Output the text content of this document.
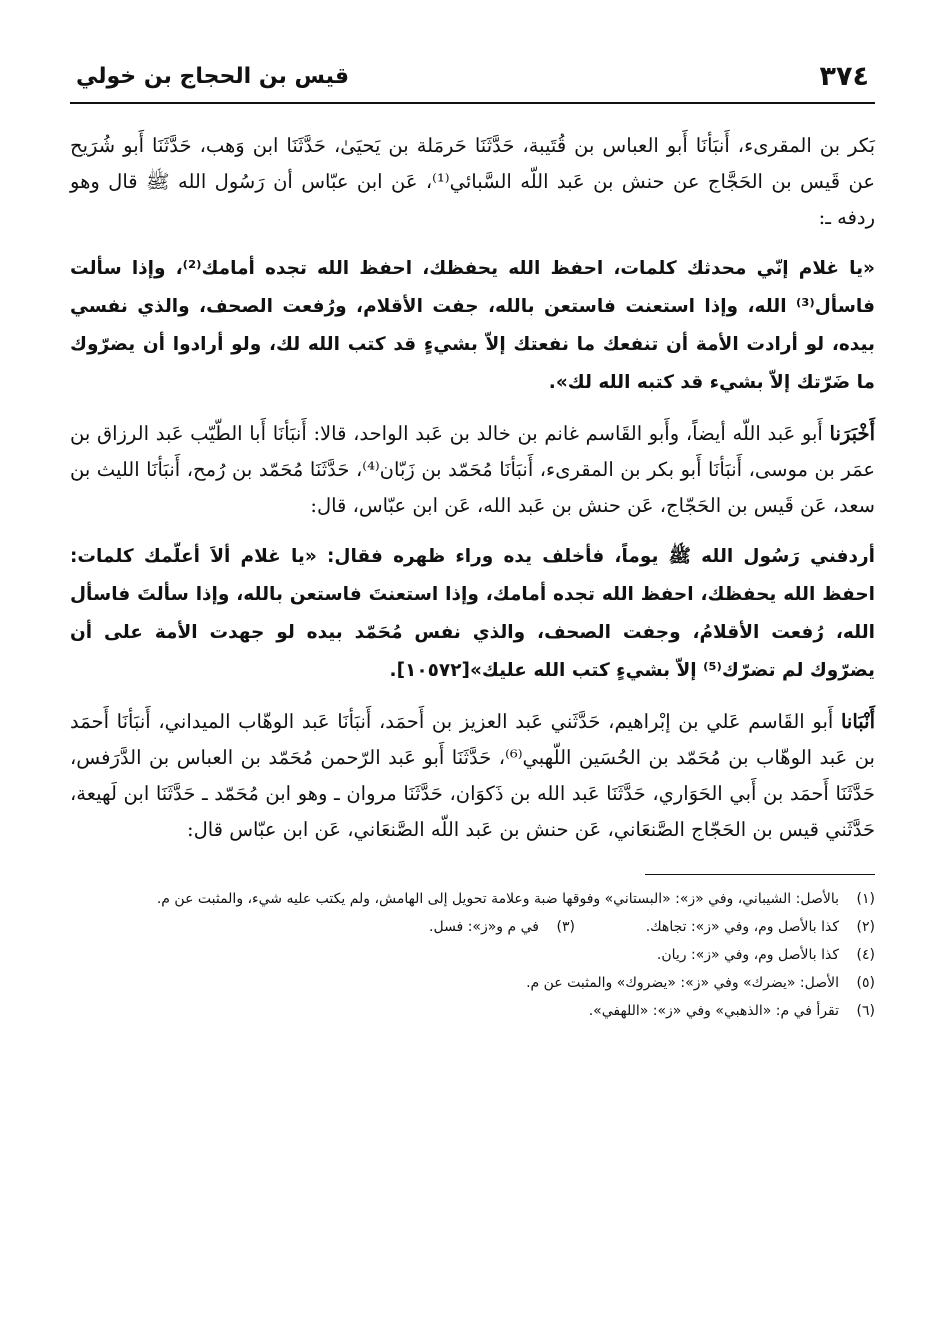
٣٧٤
قيس بن الحجاج بن خولي

بَكر بن المقرىء، أَنبَأنَا أَبو العباس بن قُتَيبة، حَدَّثَنَا حَرمَلة بن يَحيَىٰ، حَدَّثَنَا ابن وَهب، حَدَّثَنَا أَبو شُرَيح عن قَيس بن الحَجَّاج عن حنش بن عَبد اللّه السَّبائي⁽¹⁾، عَن ابن عبّاس أن رَسُول الله ﷺ قال وهو ردفه ـ:

«يا غلام إنّي محدثك كلمات، احفظ الله يحفظك، احفظ الله تجده أمامك⁽²⁾، وإذا سألت فاسأل⁽³⁾ الله، وإذا استعنت فاستعن بالله، جفت الأقلام، ورُفعت الصحف، والذي نفسي بيده، لو أرادت الأمة أن تنفعك ما نفعتك إلاّ بشيءٍ قد كتب الله لك، ولو أرادوا أن يضرّوك ما ضَرّتك إلاّ بشيء قد كتبه الله لك».

أَخْبَرَنا أَبو عَبد اللّه أيضاً، وأَبو القَاسم غانم بن خالد بن عَبد الواحد، قالا: أَنبَأنَا أَبا الطّيّب عَبد الرزاق بن عمَر بن موسى، أَنبَأنَا أَبو بكر بن المقرىء، أَنبَأنَا مُحَمّد بن زَبّان⁽⁴⁾، حَدَّثَنَا مُحَمّد بن رُمح، أَنبَأنَا الليث بن سعد، عَن قَيس بن الحَجّاج، عَن حنش بن عَبد الله، عَن ابن عبّاس، قال:

أردفني رَسُول الله ﷺ يوماً، فأخلف يده وراء ظهره فقال: «يا غلام ألاَ أعلّمك كلمات: احفظ الله يحفظك، احفظ الله تجده أمامك، وإذا استعنتَ فاستعن بالله، وإذا سألتَ فاسأل الله، رُفعت الأقلامُ، وجفت الصحف، والذي نفس مُحَمّد بيده لو جهدت الأمة على أن يضرّوك لم تضرّك⁽⁵⁾ إلاّ بشيءٍ كتب الله عليك»[١٠٥٧٢].

أَنْبَانا أَبو القَاسم عَلي بن إبْراهيم، حَدَّثَني عَبد العزيز بن أَحمَد، أَنبَأنَا عَبد الوهّاب الميداني، أَنبَأنَا أَحمَد بن عَبد الوهّاب بن مُحَمّد بن الحُسَين اللّهبي⁽⁶⁾، حَدَّثَنَا أَبو عَبد الرّحمن مُحَمّد بن العباس بن الدَّرَفس، حَدَّثَنَا أَحمَد بن أَبي الحَوَاري، حَدَّثَنَا عَبد الله بن ذَكوَان، حَدَّثَنَا مروان ـ وهو ابن مُحَمّد ـ حَدَّثَنَا ابن لَهيعة، حَدَّثَني قيس بن الحَجّاج الصَّنعَاني، عَن حنش بن عَبد اللّه الصَّنعَاني، عَن ابن عبّاس قال:

(١)
بالأصل: الشيباني، وفي «ز»: «البستاني» وفوقها ضبة وعلامة تحويل إلى الهامش، ولم يكتب عليه شيء، والمثبت عن م.
(٢)
كذا بالأصل وم، وفي «ز»: تجاهك.
(٣)
في م و«ز»: فسل.
(٤)
كذا بالأصل وم، وفي «ز»: ريان.
(٥)
الأصل: «يضرك» وفي «ز»: «يضروك» والمثبت عن م.
(٦)
تقرأ في م: «الذهبي» وفي «ز»: «اللهفي».
